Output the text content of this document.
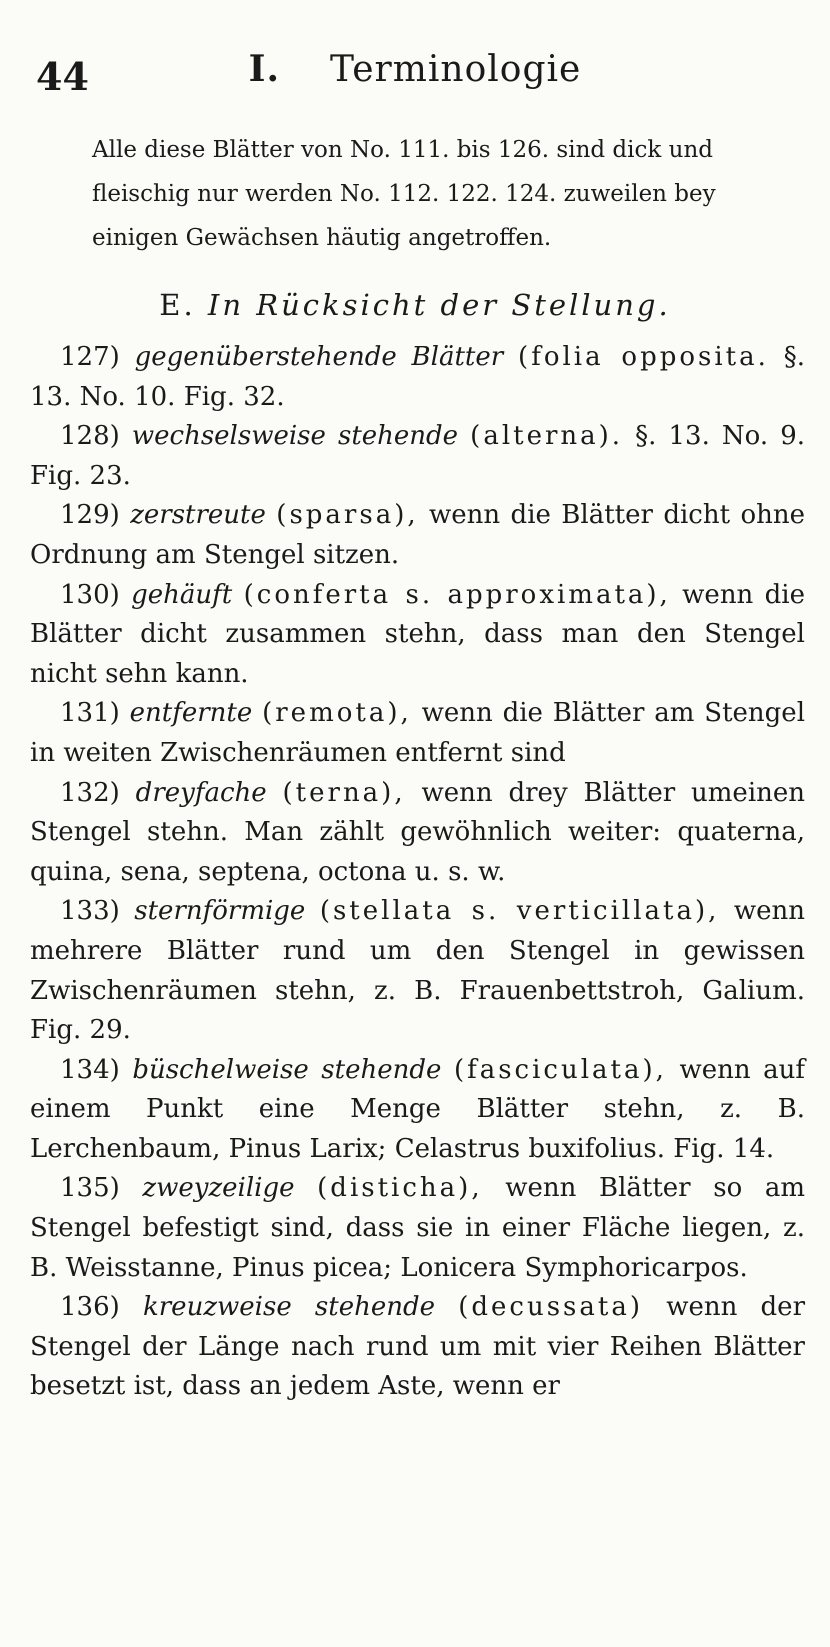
44	I. Terminologie

Alle diese Blätter von No. 111. bis 126. sind dick und fleischig nur werden No. 112. 122. 124. zuweilen bey einigen Gewächsen häutig angetroffen.

E. In Rücksicht der Stellung.

127) gegenüberstehende Blätter (folia opposita. §. 13. No. 10. Fig. 32.

128) wechselsweise stehende (alterna). §. 13. No. 9. Fig. 23.

129) zerstreute (sparsa), wenn die Blätter dicht ohne Ordnung am Stengel sitzen.

130) gehäuft (conferta s. approximata), wenn die Blätter dicht zusammen stehn, dass man den Stengel nicht sehn kann.

131) entfernte (remota), wenn die Blätter am Stengel in weiten Zwischenräumen entfernt sind

132) dreyfache (terna), wenn drey Blätter umeinen Stengel stehn. Man zählt gewöhnlich weiter: quaterna, quina, sena, septena, octona u. s. w.

133) sternförmige (stellata s. verticillata), wenn mehrere Blätter rund um den Stengel in gewissen Zwischenräumen stehn, z. B. Frauenbettstroh, Galium. Fig. 29.

134) büschelweise stehende (fasciculata), wenn auf einem Punkt eine Menge Blätter stehn, z. B. Lerchenbaum, Pinus Larix; Celastrus buxifolius. Fig. 14.

135) zweyzeilige (disticha), wenn Blätter so am Stengel befestigt sind, dass sie in einer Fläche liegen, z. B. Weisstanne, Pinus picea; Lonicera Symphoricarpos.

136) kreuzweise stehende (decussata) wenn der Stengel der Länge nach rund um mit vier Reihen Blätter besetzt ist, dass an jedem Aste, wenn er
